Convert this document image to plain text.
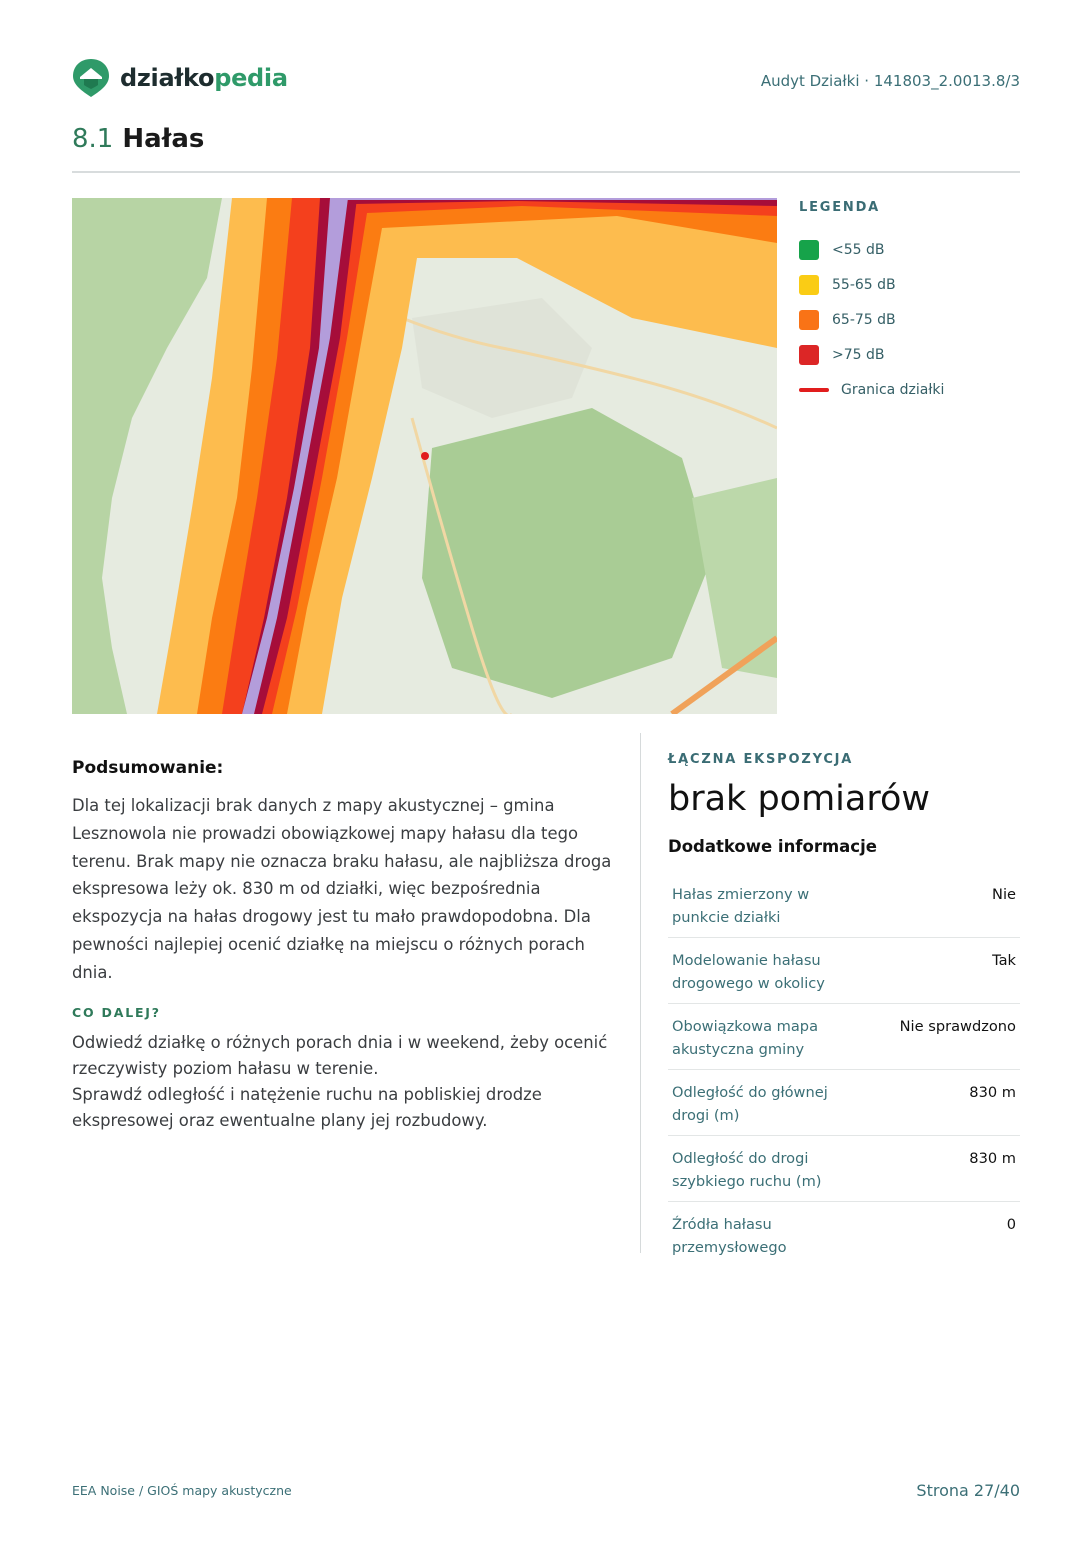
działkopedia	Audyt Działki · 141803_2.0013.8/3
8.1 Hałas
LEGENDA
<55 dB
55-65 dB
65-75 dB
>75 dB
Granica działki
Podsumowanie:

Dla tej lokalizacji brak danych z mapy akustycznej – gmina Lesznowola nie prowadzi obowiązkowej mapy hałasu dla tego terenu. Brak mapy nie oznacza braku hałasu, ale najbliższa droga ekspresowa leży ok. 830 m od działki, więc bezpośrednia ekspozycja na hałas drogowy jest tu mało prawdopodobna. Dla pewności najlepiej ocenić działkę na miejscu o różnych porach dnia.

CO DALEJ?
Odwiedź działkę o różnych porach dnia i w weekend, żeby ocenić rzeczywisty poziom hałasu w terenie.
Sprawdź odległość i natężenie ruchu na pobliskiej drodze ekspresowej oraz ewentualne plany jej rozbudowy.
ŁĄCZNA EKSPOZYCJA
brak pomiarów
Dodatkowe informacje
Hałas zmierzony w punkcie działki
Nie
Modelowanie hałasu drogowego w okolicy
Tak
Obowiązkowa mapa akustyczna gminy
Nie sprawdzono
Odległość do głównej drogi (m)
830 m
Odległość do drogi szybkiego ruchu (m)
830 m
Źródła hałasu przemysłowego
0
EEA Noise / GIOŚ mapy akustyczne	Strona 27/40
